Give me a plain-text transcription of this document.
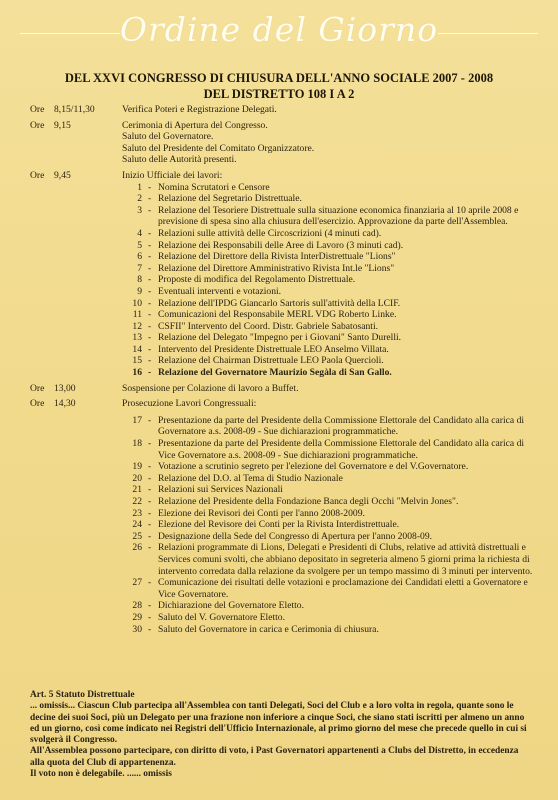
Ordine del Giorno
DEL XXVI CONGRESSO DI CHIUSURA DELL'ANNO SOCIALE 2007 - 2008
DEL DISTRETTO 108 I A 2
Ore	8,15/11,30	Verifica Poteri e Registrazione Delegati.
Ore	9,15	Cerimonia di Apertura del Congresso.
Saluto del Governatore.
Saluto del Presidente del Comitato Organizzatore.
Saluto delle Autorità presenti.
Ore	9,45	Inizio Ufficiale dei lavori:
1 - Nomina Scrutatori e Censore
2 - Relazione del Segretario Distrettuale.
3 - Relazione del Tesoriere Distrettuale sulla situazione economica finanziaria al 10 aprile 2008 e previsione di spesa sino alla chiusura dell'esercizio. Approvazione da parte dell'Assemblea.
4 - Relazioni sulle attività delle Circoscrizioni (4 minuti cad).
5 - Relazione dei Responsabili delle Aree di Lavoro (3 minuti cad).
6 - Relazione del Direttore della Rivista InterDistrettuale "Lions"
7 - Relazione del Direttore Amministrativo Rivista Int.le "Lions"
8 - Proposte di modifica del Regolamento Distrettuale.
9 - Eventuali interventi e votazioni.
10 - Relazione dell'IPDG Giancarlo Sartoris sull'attività della LCIF.
11 - Comunicazioni del Responsabile MERL VDG Roberto Linke.
12 - CSFII" Intervento del Coord. Distr. Gabriele Sabatosanti.
13 - Relazione del Delegato "Impegno per i Giovani" Santo Durelli.
14 - Intervento del Presidente Distrettuale LEO Anselmo Villata.
15 - Relazione del Chairman Distrettuale LEO Paola Quercioli.
16 - Relazione del Governatore Maurizio Segàla di San Gallo.
Ore	13,00	Sospensione per Colazione di lavoro a Buffet.
Ore	14,30	Prosecuzione Lavori Congressuali:
17 - Presentazione da parte del Presidente della Commissione Elettorale del Candidato alla carica di Governatore a.s. 2008-09 - Sue dichiarazioni programmatiche.
18 - Presentazione da parte del Presidente della Commissione Elettorale del Candidato alla carica di Vice Governatore a.s. 2008-09 - Sue dichiarazioni programmatiche.
19 - Votazione a scrutinio segreto per l'elezione del Governatore e del V.Governatore.
20 - Relazione del D.O. al Tema di Studio Nazionale
21 - Relazioni sui Services Nazionali
22 - Relazione del Presidente della Fondazione Banca degli Occhi "Melvin Jones".
23 - Elezione dei Revisori dei Conti per l'anno 2008-2009.
24 - Elezione del Revisore dei Conti per la Rivista Interdistrettuale.
25 - Designazione della Sede del Congresso di Apertura per l'anno 2008-09.
26 - Relazioni programmate di Lions, Delegati e Presidenti di Clubs, relative ad attività distrettuali e Services comuni svolti, che abbiano depositato in segreteria almeno 5 giorni prima la richiesta di intervento corredata dalla relazione da svolgere per un tempo massimo di 3 minuti per intervento.
27 - Comunicazione dei risultati delle votazioni e proclamazione dei Candidati eletti a Governatore e Vice Governatore.
28 - Dichiarazione del Governatore Eletto.
29 - Saluto del V. Governatore Eletto.
30 - Saluto del Governatore in carica e Cerimonia di chiusura.
Art. 5 Statuto Distrettuale
... omissis... Ciascun Club partecipa all'Assemblea con tanti Delegati, Soci del Club e a loro volta in regola, quante sono le decine dei suoi Soci, più un Delegato per una frazione non inferiore a cinque Soci, che siano stati iscritti per almeno un anno ed un giorno, così come indicato nei Registri dell'Ufficio Internazionale, al primo giorno del mese che precede quello in cui si svolgerà il Congresso.
All'Assemblea possono partecipare, con diritto di voto, i Past Governatori appartenenti a Clubs del Distretto, in eccedenza alla quota del Club di appartenenza.
Il voto non è delegabile. ...... omissis
